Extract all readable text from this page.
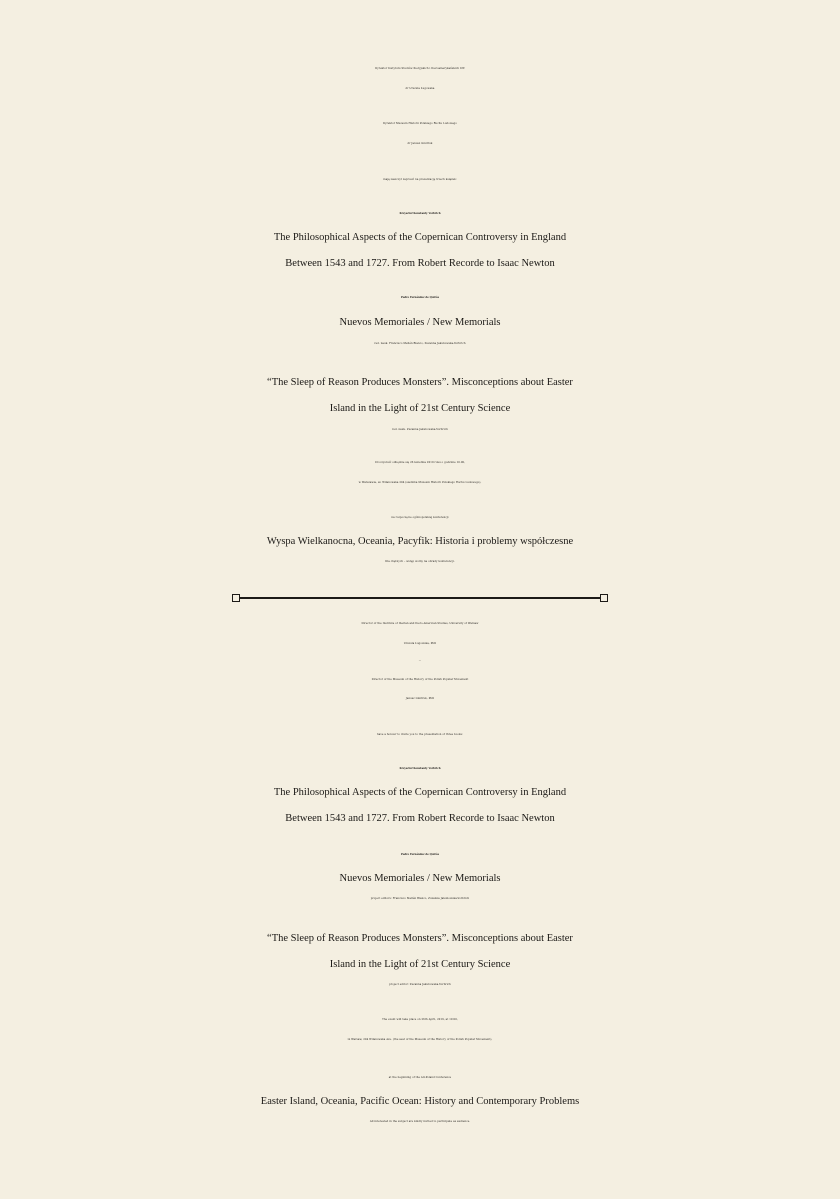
Dyrektor Instytutu Studiów Iberyjskich i Iberoamerykańskich UW
dr Urszula Ługowska
Dyrektor Muzeum Historii Polskiego Ruchu Ludowego
dr Janusz Gmitruk
mają zaszczyt zaprosić na prezentację trzech książek:
Krzysztof Konstanty Vorbrich
The Philosophical Aspects of the Copernican Controversy in England
Between 1543 and 1727. From Robert Recorde to Isaac Newton
Pedro Fernández de Quirós
Nuevos Memoriales / New Memorials
red. nauk. Francisco Mellén Blanco, Zuzanna Jakubowska-Vorbrich
“The Sleep of Reason Produces Monsters”. Misconceptions about Easter
Island in the Light of 21st Century Science
red. nauk. Zuzanna Jakubowska-Vorbrich
Uroczystość odbędzie się 26 kwietnia 2019 roku o godzinie 10.00,
w Warszawie, al. Wilanowska 204 (siedziba Muzeum Historii Polskiego Ruchu Ludowego),
na rozpoczęcie ogólnopolskiej konferencji
Wyspa Wielkanocna, Oceania, Pacyfik: Historia i problemy współczesne
Dla chętnych – wstęp wolny na obrady konferencji.
Director of the Institute of Iberian and Ibero-American Studies, University of Warsaw
Urszula Ługowska, PhD
and
Director of the Museum of the History of the Polish Popular Movement
Janusz Gmitruk, PhD
have a honour to invite you to the presentation of three books:
Krzysztof Konstanty Vorbrich
The Philosophical Aspects of the Copernican Controversy in England
Between 1543 and 1727. From Robert Recorde to Isaac Newton
Pedro Fernández de Quirós
Nuevos Memoriales / New Memorials
project editors: Francisco Mellén Blanco, Zuzanna Jakubowska-Vorbrich
“The Sleep of Reason Produces Monsters”. Misconceptions about Easter
Island in the Light of 21st Century Science
project editor: Zuzanna Jakubowska-Vorbrich
The event will take place on 26th April, 2019, at 10:00,
in Warsaw, 204 Wilanowska Ave. (the seat of the Museum of the History of the Polish Popular Movement),
at the beginning of the All-Poland Conference
Easter Island, Oceania, Pacific Ocean: History and Contemporary Problems
All interested in the subject are kindly invited to participate as audience.
